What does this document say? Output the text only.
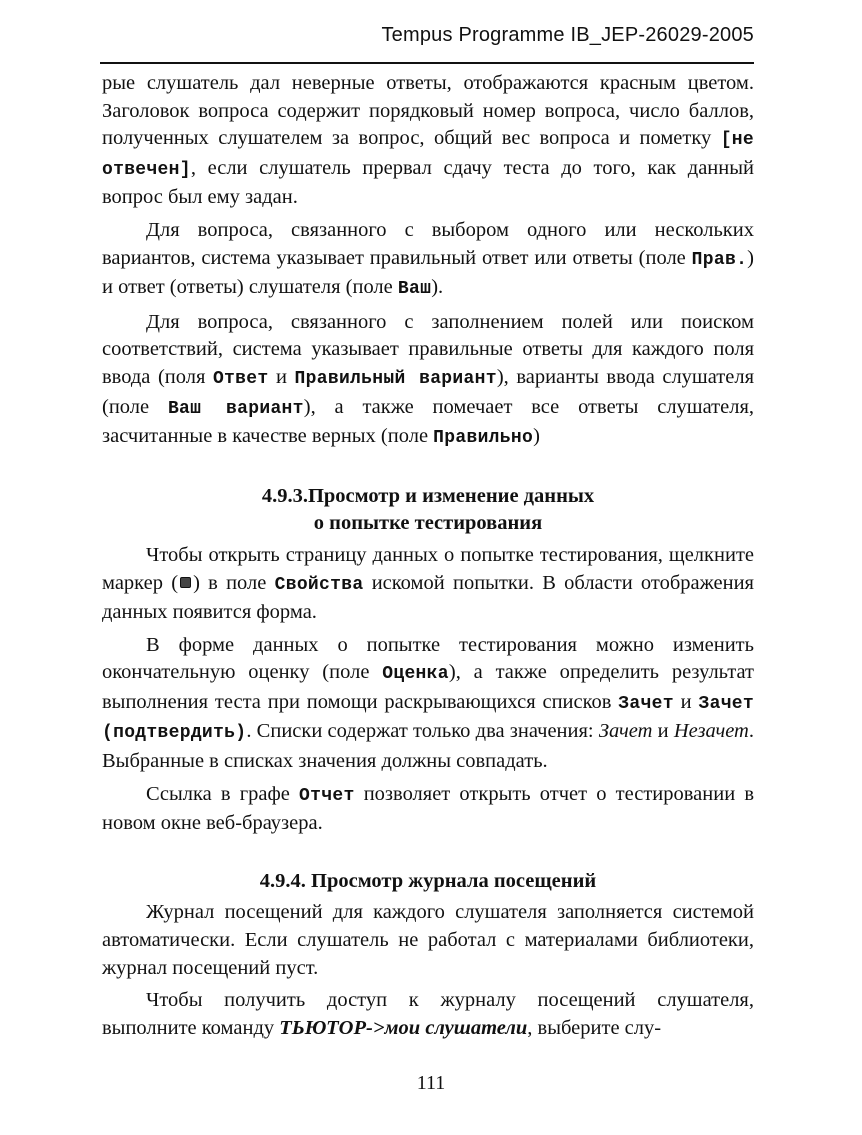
Tempus Programme IB_JEP-26029-2005

рые слушатель дал неверные ответы, отображаются красным цветом. Заголовок вопроса содержит порядковый номер вопроса, число баллов, полученных слушателем за вопрос, общий вес вопроса и пометку [не отвечен], если слушатель прервал сдачу теста до того, как данный вопрос был ему задан.

Для вопроса, связанного с выбором одного или нескольких вариантов, система указывает правильный ответ или ответы (поле Прав.) и ответ (ответы) слушателя (поле Ваш).

Для вопроса, связанного с заполнением полей или поиском соответствий, система указывает правильные ответы для каждого поля ввода (поля Ответ и Правильный вариант), варианты ввода слушателя (поле Ваш вариант), а также помечает все ответы слушателя, засчитанные в качестве верных (поле Правильно)

4.9.3.Просмотр и изменение данных
о попытке тестирования

Чтобы открыть страницу данных о попытке тестирования, щелкните маркер ( ) в поле Свойства искомой попытки. В области отображения данных появится форма.

В форме данных о попытке тестирования можно изменить окончательную оценку (поле Оценка), а также определить результат выполнения теста при помощи раскрывающихся списков Зачет и Зачет (подтвердить). Списки содержат только два значения: Зачет и Незачет. Выбранные в списках значения должны совпадать.

Ссылка в графе Отчет позволяет открыть отчет о тестировании в новом окне веб-браузера.

4.9.4. Просмотр журнала посещений

Журнал посещений для каждого слушателя заполняется системой автоматически. Если слушатель не работал с материалами библиотеки, журнал посещений пуст.

Чтобы получить доступ к журналу посещений слушателя, выполните команду ТЬЮТОР->мои слушатели, выберите слу-

111
